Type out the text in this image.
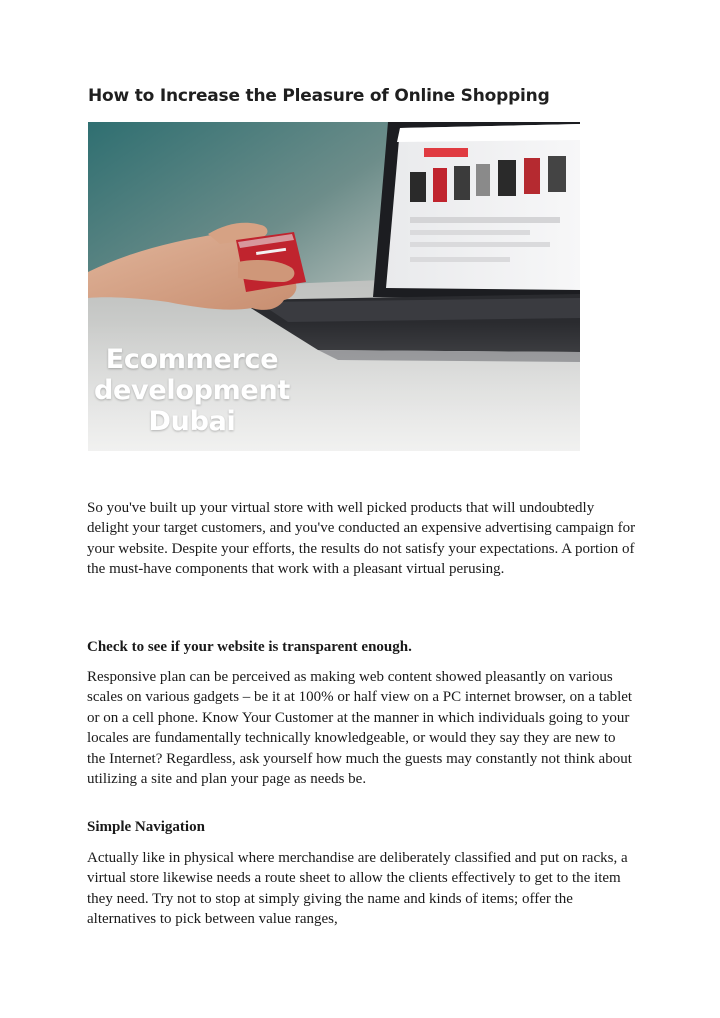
How to Increase the Pleasure of Online Shopping
Ecommerce
development
Dubai

So you've built up your virtual store with well picked products that will undoubtedly delight your target customers, and you've conducted an expensive advertising campaign for your website. Despite your efforts, the results do not satisfy your expectations. A portion of the must-have components that work with a pleasant virtual perusing.

Check to see if your website is transparent enough.

Responsive plan can be perceived as making web content showed pleasantly on various scales on various gadgets – be it at 100% or half view on a PC internet browser, on a tablet or on a cell phone. Know Your Customer at the manner in which individuals going to your locales are fundamentally technically knowledgeable, or would they say they are new to the Internet? Regardless, ask yourself how much the guests may constantly not think about utilizing a site and plan your page as needs be.

Simple Navigation

Actually like in physical where merchandise are deliberately classified and put on racks, a virtual store likewise needs a route sheet to allow the clients effectively to get to the item they need. Try not to stop at simply giving the name and kinds of items; offer the alternatives to pick between value ranges,
